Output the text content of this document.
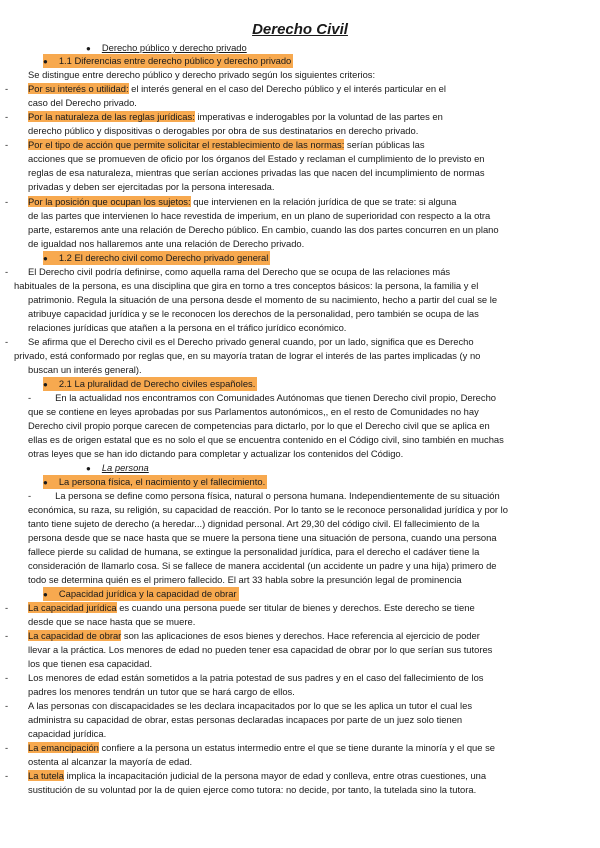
Derecho Civil
● Derecho público y derecho privado
● 1.1 Diferencias entre derecho público y derecho privado
Se distingue entre derecho público y derecho privado según los siguientes criterios:
- Por su interés o utilidad: el interés general en el caso del Derecho público y el interés particular en el
caso del Derecho privado.
- Por la naturaleza de las reglas jurídicas: imperativas e inderogables por la voluntad de las partes en
derecho público y dispositivas o derogables por obra de sus destinatarios en derecho privado.
- Por el tipo de acción que permite solicitar el restablecimiento de las normas: serían públicas las
acciones que se promueven de oficio por los órganos del Estado y reclaman el cumplimiento de lo previsto en
reglas de esa naturaleza, mientras que serían acciones privadas las que nacen del incumplimiento de normas
privadas y deben ser ejercitadas por la persona interesada.
- Por la posición que ocupan los sujetos: que intervienen en la relación jurídica de que se trate: si alguna
de las partes que intervienen lo hace revestida de imperium, en un plano de superioridad con respecto a la otra
parte, estaremos ante una relación de Derecho público. En cambio, cuando las dos partes concurren en un plano
de igualdad nos hallaremos ante una relación de Derecho privado.
● 1.2 El derecho civil como Derecho privado general
- El Derecho civil podría definirse, como aquella rama del Derecho que se ocupa de las relaciones más
habituales de la persona, es una disciplina que gira en torno a tres conceptos básicos: la persona, la familia y el
patrimonio. Regula la situación de una persona desde el momento de su nacimiento, hecho a partir del cual se le
atribuye capacidad jurídica y se le reconocen los derechos de la personalidad, pero también se ocupa de las
relaciones jurídicas que atañen a la persona en el tráfico jurídico económico.
- Se afirma que el Derecho civil es el Derecho privado general cuando, por un lado, significa que es Derecho
privado, está conformado por reglas que, en su mayoría tratan de lograr el interés de las partes implicadas (y no
buscan un interés general).
● 2.1 La pluralidad de Derecho civiles españoles.
-	En la actualidad nos encontramos con Comunidades Autónomas que tienen Derecho civil propio, Derecho
que se contiene en leyes aprobadas por sus Parlamentos autonómicos,, en el resto de Comunidades no hay
Derecho civil propio porque carecen de competencias para dictarlo, por lo que el Derecho civil que se aplica en
ellas es de origen estatal que es no solo el que se encuentra contenido en el Código civil, sino también en muchas
otras leyes que se han ido dictando para completar y actualizar los contenidos del Código.
● La persona
● La persona física, el nacimiento y el fallecimiento.
-	La persona se define como persona física, natural o persona humana. Independientemente de su situación
económica, su raza, su religión, su capacidad de reacción. Por lo tanto se le reconoce personalidad jurídica y por lo
tanto tiene sujeto de derecho (a heredar...) dignidad personal. Art 29,30 del código civil. El fallecimiento de la
persona desde que se nace hasta que se muere la persona tiene una situación de persona, cuando una persona
fallece pierde su calidad de humana, se extingue la personalidad jurídica, para el derecho el cadáver tiene la
consideración de llamarlo cosa. Si se fallece de manera accidental (un accidente un padre y una hija) primero de
todo se determina quién es el primero fallecido. El art 33 habla sobre la presunción legal de prominencia
● Capacidad jurídica y la capacidad de obrar
- La capacidad jurídica es cuando una persona puede ser titular de bienes y derechos. Este derecho se tiene
desde que se nace hasta que se muere.
- La capacidad de obrar son las aplicaciones de esos bienes y derechos. Hace referencia al ejercicio de poder
llevar a la práctica. Los menores de edad no pueden tener esa capacidad de obrar por lo que serían sus tutores
los que tienen esa capacidad.
- Los menores de edad están sometidos a la patria potestad de sus padres y en el caso del fallecimiento de los
padres los menores tendrán un tutor que se hará cargo de ellos.
- A las personas con discapacidades se les declara incapacitados por lo que se les aplica un tutor el cual les
administra su capacidad de obrar, estas personas declaradas incapaces por parte de un juez solo tienen
capacidad jurídica.
- La emancipación confiere a la persona un estatus intermedio entre el que se tiene durante la minoría y el que se
ostenta al alcanzar la mayoría de edad.
- La tutela implica la incapacitación judicial de la persona mayor de edad y conlleva, entre otras cuestiones, una
sustitución de su voluntad por la de quien ejerce como tutora: no decide, por tanto, la tutelada sino la tutora.
